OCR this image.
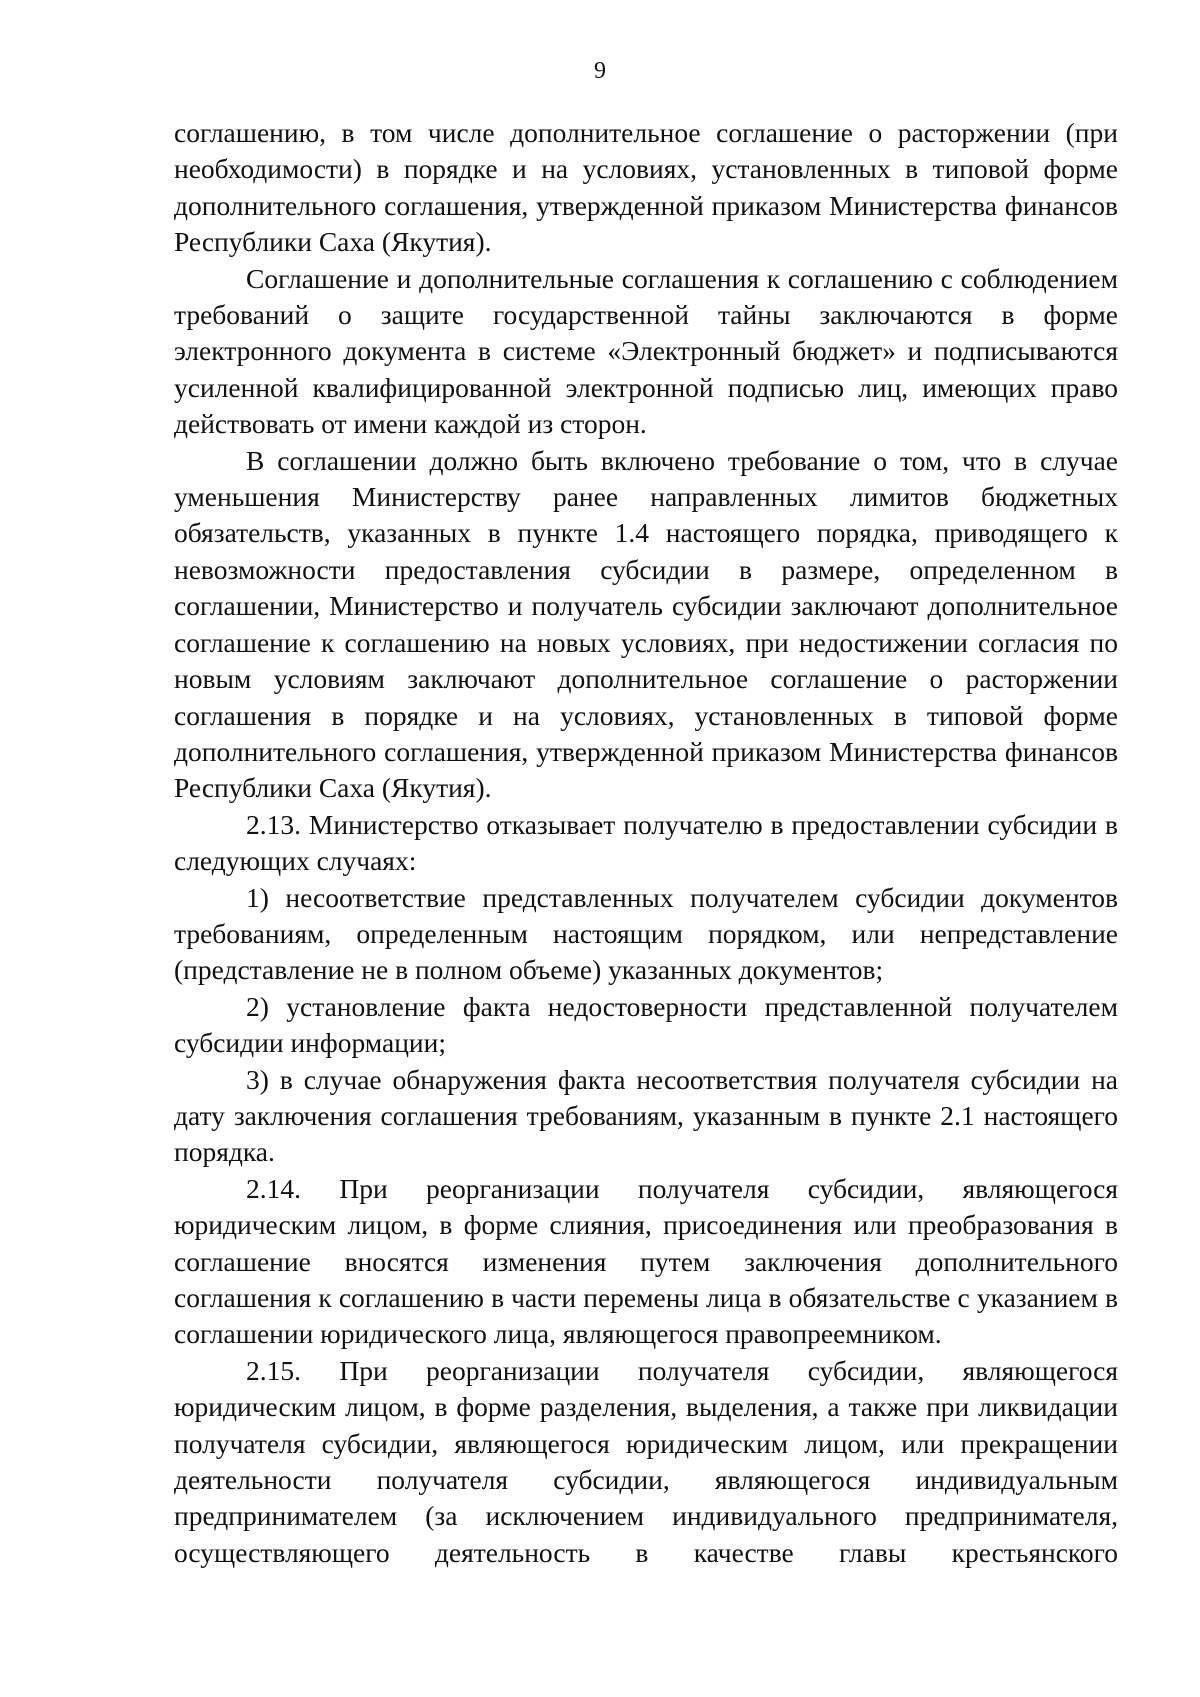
9

соглашению, в том числе дополнительное соглашение о расторжении (при необходимости) в порядке и на условиях, установленных в типовой форме дополнительного соглашения, утвержденной приказом Министерства финансов Республики Саха (Якутия).

Соглашение и дополнительные соглашения к соглашению с соблюдением требований о защите государственной тайны заключаются в форме электронного документа в системе «Электронный бюджет» и подписываются усиленной квалифицированной электронной подписью лиц, имеющих право действовать от имени каждой из сторон.

В соглашении должно быть включено требование о том, что в случае уменьшения Министерству ранее направленных лимитов бюджетных обязательств, указанных в пункте 1.4 настоящего порядка, приводящего к невозможности предоставления субсидии в размере, определенном в соглашении, Министерство и получатель субсидии заключают дополнительное соглашение к соглашению на новых условиях, при недостижении согласия по новым условиям заключают дополнительное соглашение о расторжении соглашения в порядке и на условиях, установленных в типовой форме дополнительного соглашения, утвержденной приказом Министерства финансов Республики Саха (Якутия).

2.13. Министерство отказывает получателю в предоставлении субсидии в следующих случаях:

1) несоответствие представленных получателем субсидии документов требованиям, определенным настоящим порядком, или непредставление (представление не в полном объеме) указанных документов;

2) установление факта недостоверности представленной получателем субсидии информации;

3) в случае обнаружения факта несоответствия получателя субсидии на дату заключения соглашения требованиям, указанным в пункте 2.1 настоящего порядка.

2.14. При реорганизации получателя субсидии, являющегося юридическим лицом, в форме слияния, присоединения или преобразования в соглашение вносятся изменения путем заключения дополнительного соглашения к соглашению в части перемены лица в обязательстве с указанием в соглашении юридического лица, являющегося правопреемником.

2.15. При реорганизации получателя субсидии, являющегося юридическим лицом, в форме разделения, выделения, а также при ликвидации получателя субсидии, являющегося юридическим лицом, или прекращении деятельности получателя субсидии, являющегося индивидуальным предпринимателем (за исключением индивидуального предпринимателя, осуществляющего деятельность в качестве главы крестьянского
